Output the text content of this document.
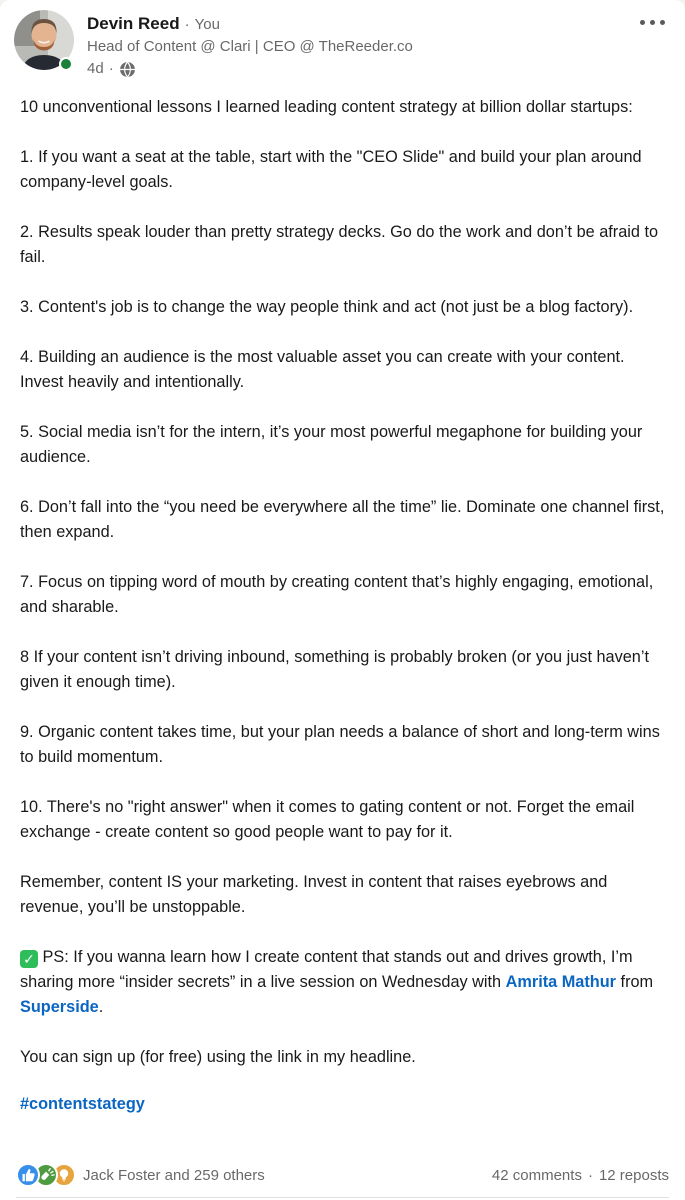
Devin Reed · You
Head of Content @ Clari | CEO @ TheReeder.co
4d ·

10 unconventional lessons I learned leading content strategy at billion dollar startups:

1. If you want a seat at the table, start with the "CEO Slide" and build your plan around company-level goals.

2. Results speak louder than pretty strategy decks. Go do the work and don’t be afraid to fail.

3. Content's job is to change the way people think and act (not just be a blog factory).

4. Building an audience is the most valuable asset you can create with your content. Invest heavily and intentionally.

5. Social media isn’t for the intern, it’s your most powerful megaphone for building your audience.

6. Don’t fall into the “you need be everywhere all the time” lie. Dominate one channel first, then expand.

7. Focus on tipping word of mouth by creating content that’s highly engaging, emotional, and sharable.

8 If your content isn’t driving inbound, something is probably broken (or you just haven’t given it enough time).

9. Organic content takes time, but your plan needs a balance of short and long-term wins to build momentum.

10. There's no "right answer" when it comes to gating content or not. Forget the email exchange - create content so good people want to pay for it.

Remember, content IS your marketing. Invest in content that raises eyebrows and revenue, you’ll be unstoppable.

✓ PS: If you wanna learn how I create content that stands out and drives growth, I’m sharing more “insider secrets” in a live session on Wednesday with Amrita Mathur from Superside.

You can sign up (for free) using the link in my headline.

#contentstategy
Jack Foster and 259 others	42 comments · 12 reposts
